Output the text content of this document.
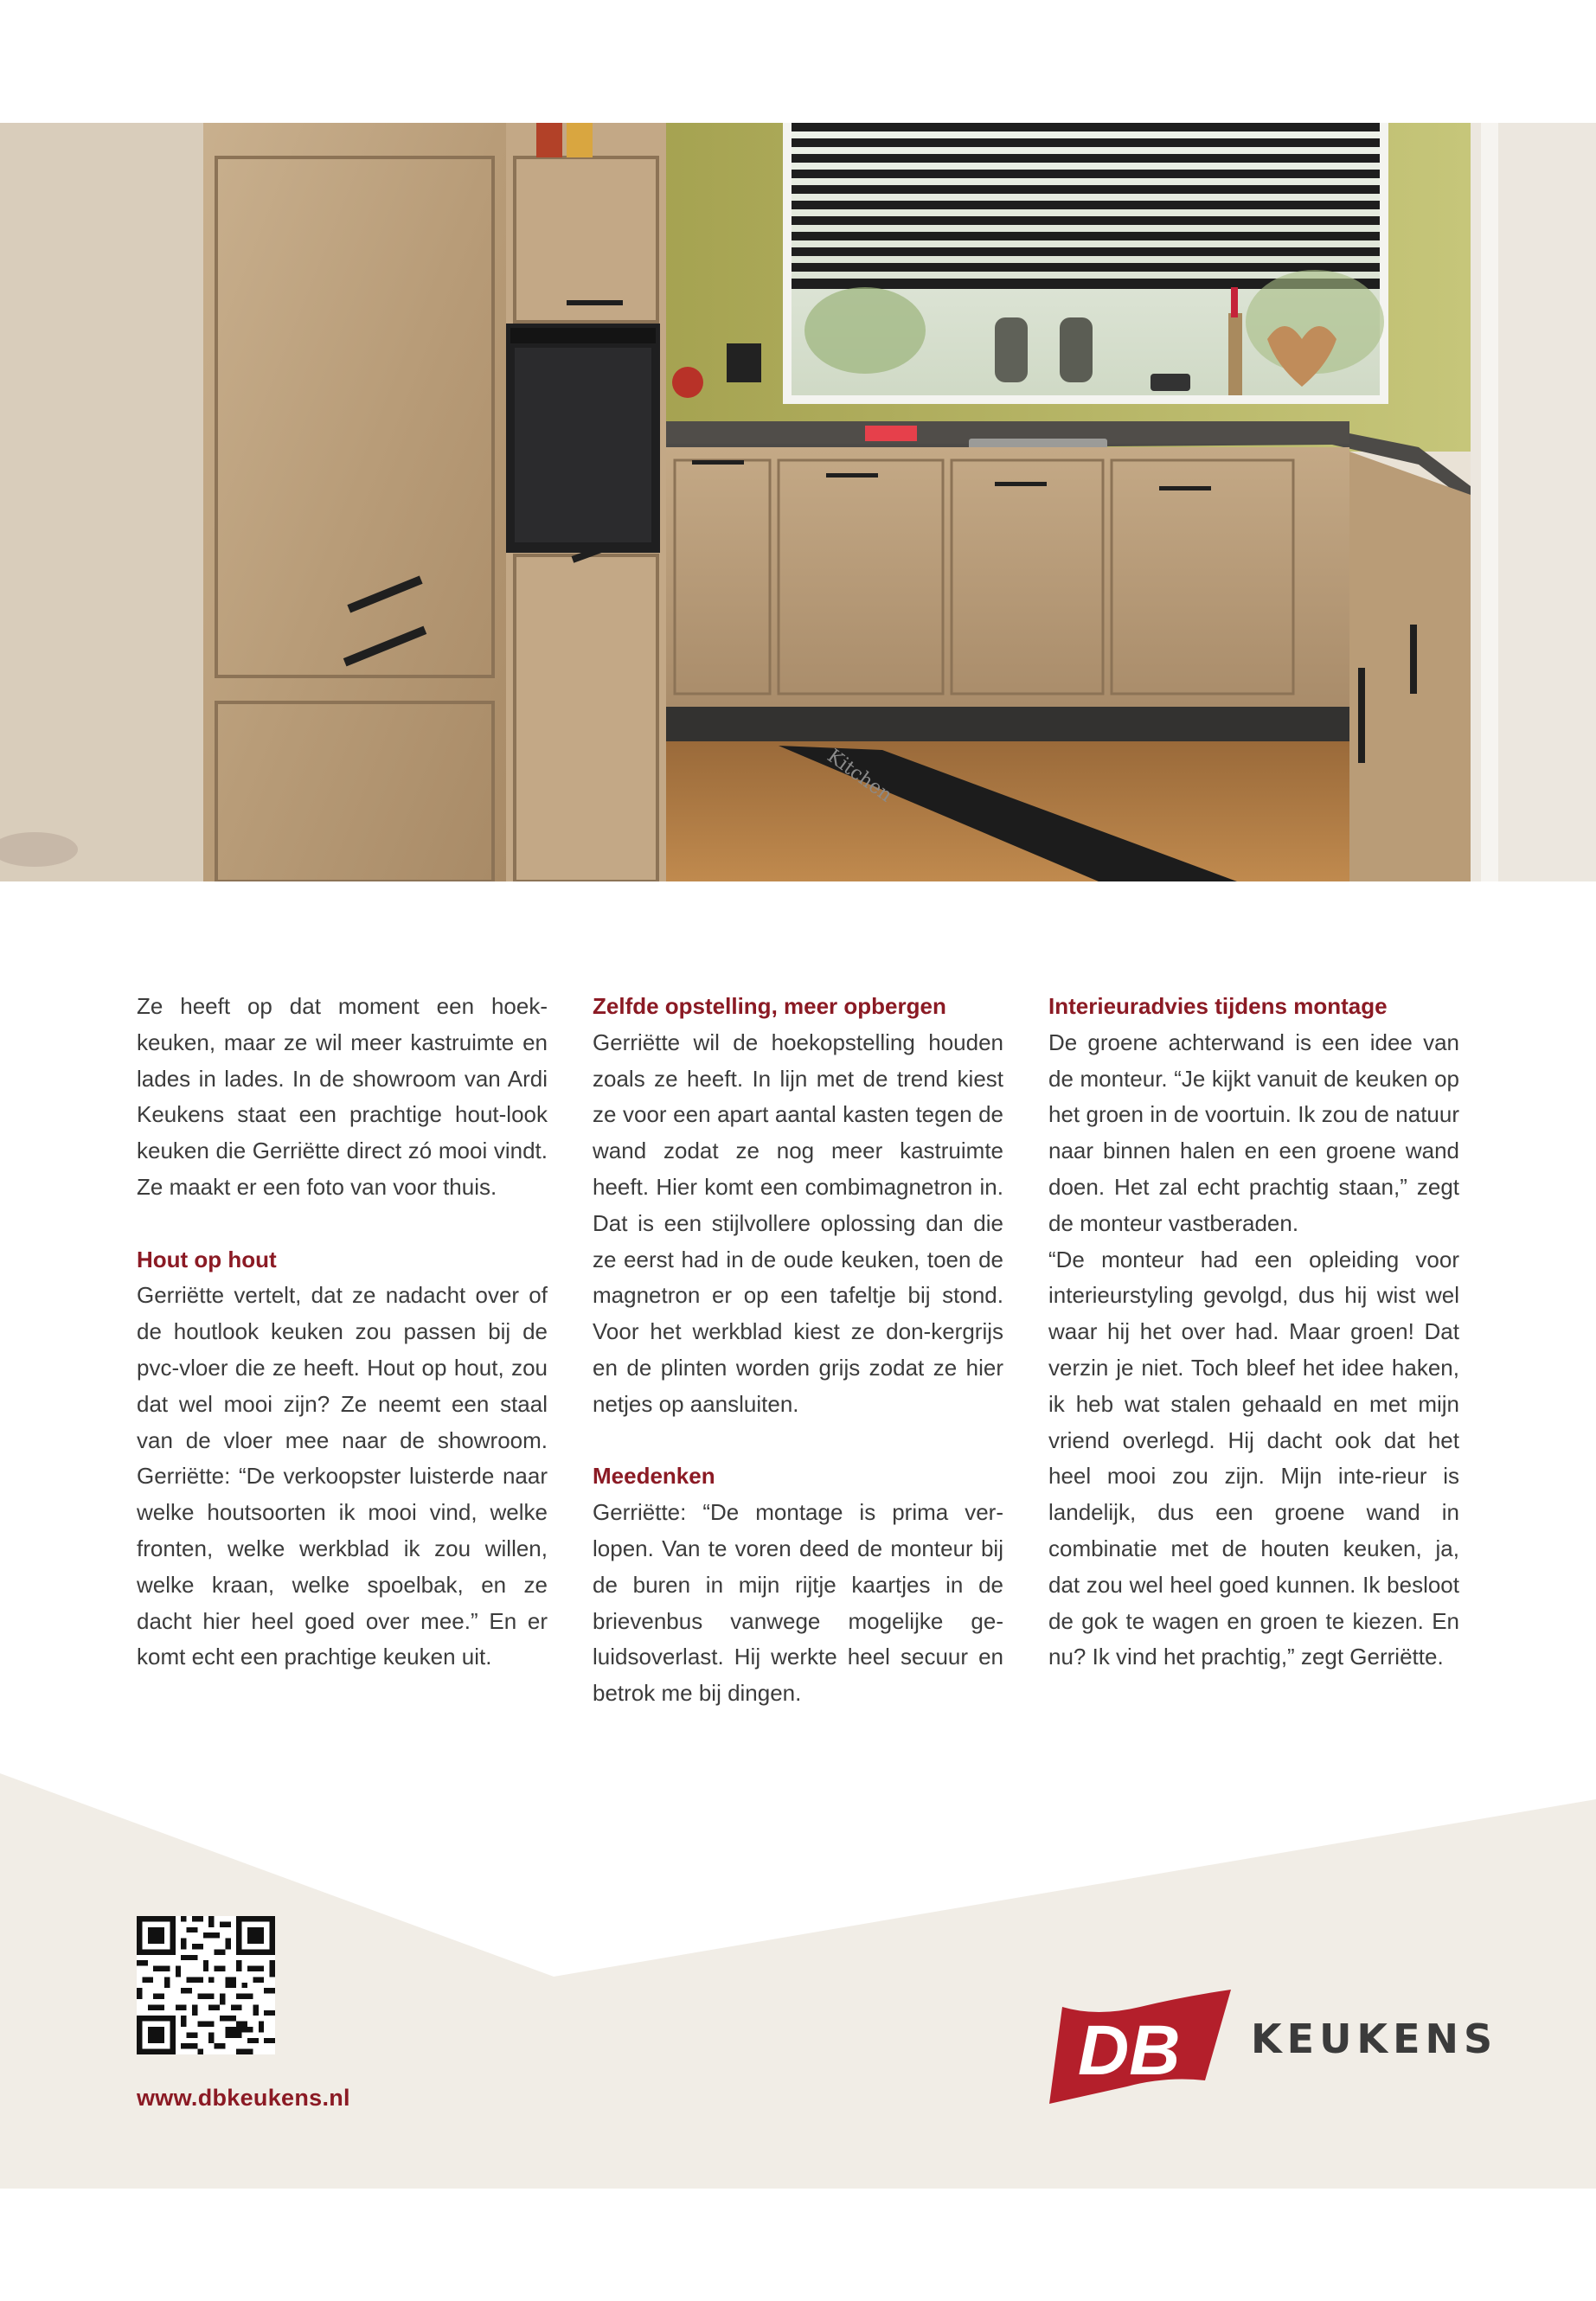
Kitchen

Ze heeft op dat moment een hoek-keuken, maar ze wil meer kastruimte en lades in lades. In de showroom van Ardi Keukens staat een prachtige hout-look keuken die Gerriëtte direct zó mooi vindt. Ze maakt er een foto van voor thuis.

Hout op hout

Gerriëtte vertelt, dat ze nadacht over of de houtlook keuken zou passen bij de pvc-vloer die ze heeft. Hout op hout, zou dat wel mooi zijn? Ze neemt een staal van de vloer mee naar de showroom. Gerriëtte: “De verkoopster luisterde naar welke houtsoorten ik mooi vind, welke fronten, welke werkblad ik zou willen, welke kraan, welke spoelbak, en ze dacht hier heel goed over mee.” En er komt echt een prachtige keuken uit.

Zelfde opstelling, meer opbergen

Gerriëtte wil de hoekopstelling houden zoals ze heeft. In lijn met de trend kiest ze voor een apart aantal kasten tegen de wand zodat ze nog meer kastruimte heeft. Hier komt een combimagnetron in. Dat is een stijlvollere oplossing dan die ze eerst had in de oude keuken, toen de magnetron er op een tafeltje bij stond. Voor het werkblad kiest ze don-kergrijs en de plinten worden grijs zodat ze hier netjes op aansluiten.

Meedenken

Gerriëtte: “De montage is prima ver-lopen. Van te voren deed de monteur bij de buren in mijn rijtje kaartjes in de brievenbus vanwege mogelijke ge-luidsoverlast. Hij werkte heel secuur en betrok me bij dingen.

Interieuradvies tijdens montage

De groene achterwand is een idee van de monteur. “Je kijkt vanuit de keuken op het groen in de voortuin. Ik zou de natuur naar binnen halen en een groene wand doen. Het zal echt prachtig staan,” zegt de monteur vastberaden.

“De monteur had een opleiding voor interieurstyling gevolgd, dus hij wist wel waar hij het over had. Maar groen! Dat verzin je niet. Toch bleef het idee haken, ik heb wat stalen gehaald en met mijn vriend overlegd. Hij dacht ook dat het heel mooi zou zijn. Mijn inte-rieur is landelijk, dus een groene wand in combinatie met de houten keuken, ja, dat zou wel heel goed kunnen. Ik besloot de gok te wagen en groen te kiezen. En nu? Ik vind het prachtig,” zegt Gerriëtte.

www.dbkeukens.nl
DB KEUKENS
